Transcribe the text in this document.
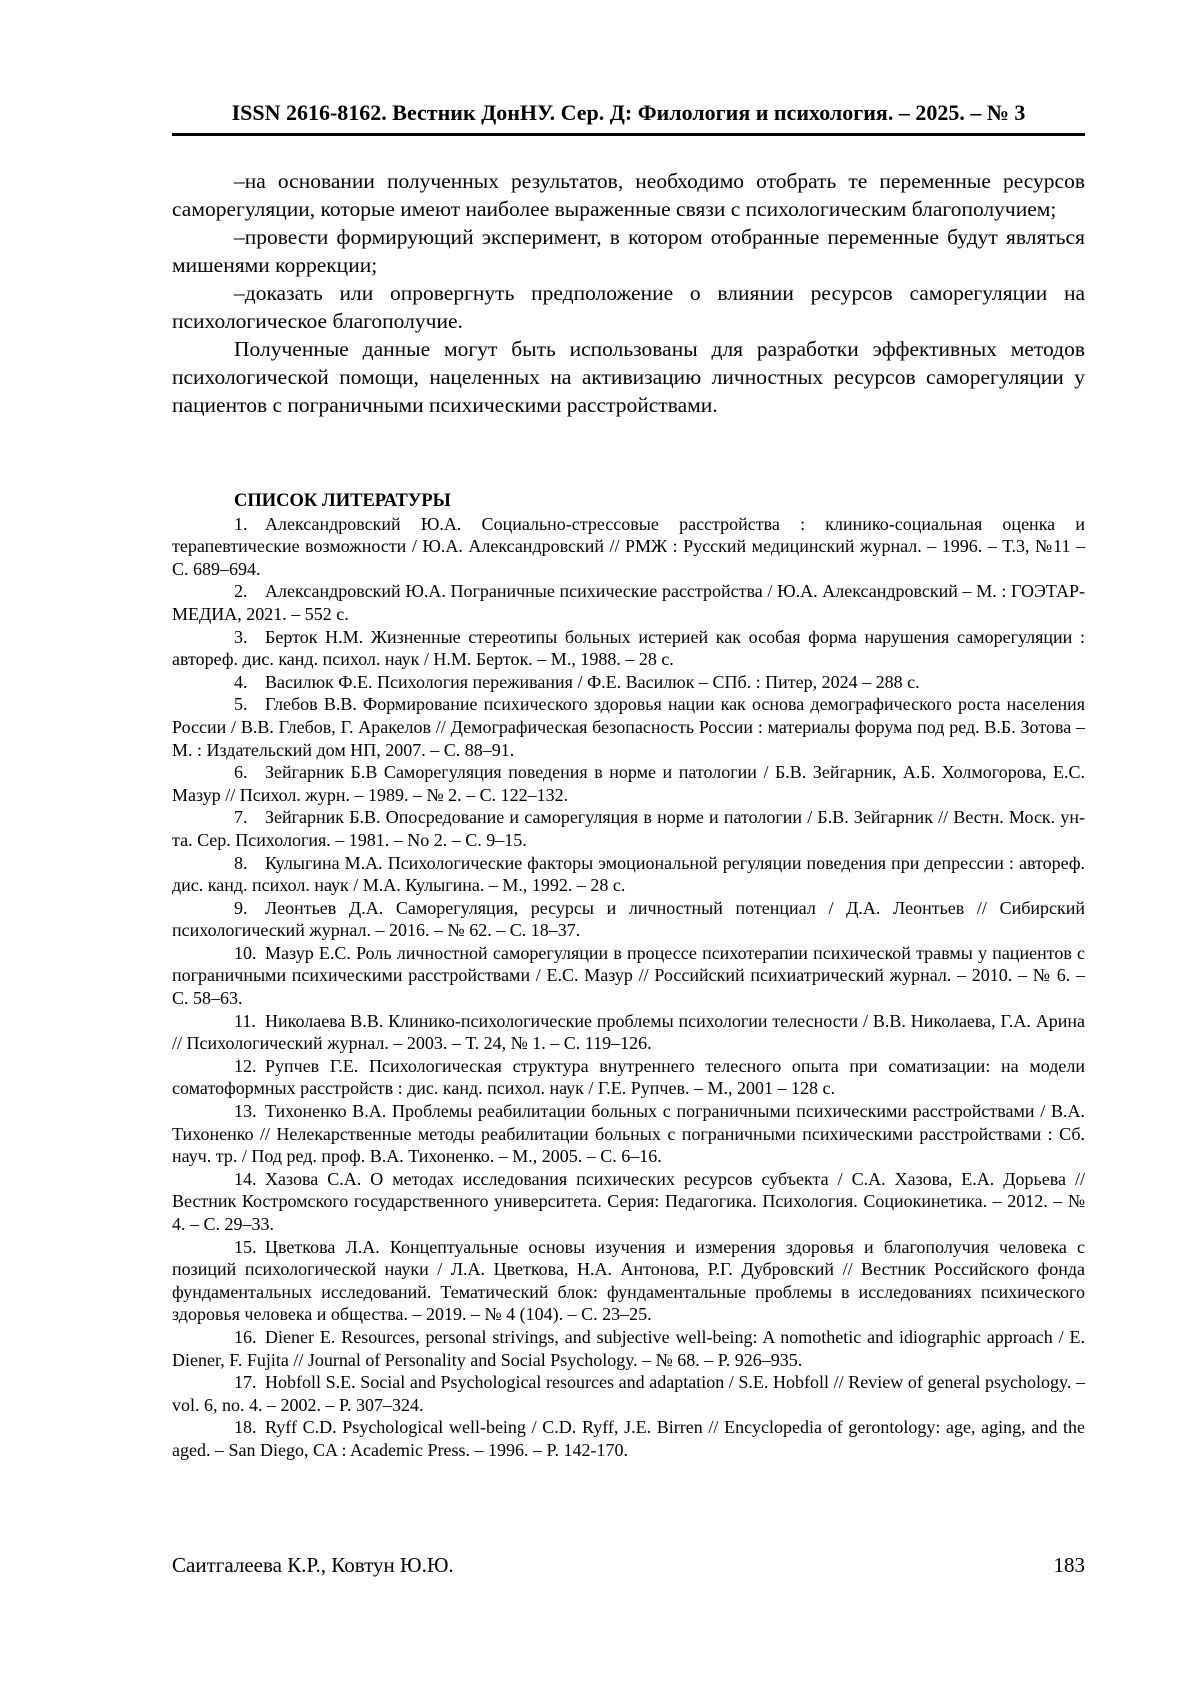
ISSN 2616-8162. Вестник ДонНУ. Сер. Д: Филология и психология. – 2025. – № 3

–на основании полученных результатов, необходимо отобрать те переменные ресурсов саморегуляции, которые имеют наиболее выраженные связи с психологическим благополучием;

–провести формирующий эксперимент, в котором отобранные переменные будут являться мишенями коррекции;

–доказать или опровергнуть предположение о влиянии ресурсов саморегуляции на психологическое благополучие.

Полученные данные могут быть использованы для разработки эффективных методов психологической помощи, нацеленных на активизацию личностных ресурсов саморегуляции у пациентов с пограничными психическими расстройствами.

СПИСОК ЛИТЕРАТУРЫ

1. Александровский Ю.А. Социально-стрессовые расстройства : клинико-социальная оценка и терапевтические возможности / Ю.А. Александровский // РМЖ : Русский медицинский журнал. – 1996. – Т.3, №11 – С. 689–694.

2. Александровский Ю.А. Пограничные психические расстройства / Ю.А. Александровский – М. : ГОЭТАР-МЕДИА, 2021. – 552 с.

3. Берток Н.М. Жизненные стереотипы больных истерией как особая форма нарушения саморегуляции : автореф. дис. канд. психол. наук / Н.М. Берток. – М., 1988. – 28 с.

4. Василюк Ф.Е. Психология переживания / Ф.Е. Василюк – СПб. : Питер, 2024 – 288 с.

5. Глебов В.В. Формирование психического здоровья нации как основа демографического роста населения России / В.В. Глебов, Г. Аракелов // Демографическая безопасность России : материалы форума под ред. В.Б. Зотова – М. : Издательский дом НП, 2007. – С. 88–91.

6. Зейгарник Б.В Саморегуляция поведения в норме и патологии / Б.В. Зейгарник, А.Б. Холмогорова, Е.С. Мазур // Психол. журн. – 1989. – № 2. – С. 122–132.

7. Зейгарник Б.В. Опосредование и саморегуляция в норме и патологии / Б.В. Зейгарник // Вестн. Моск. ун-та. Сер. Психология. – 1981. – No 2. – С. 9–15.

8. Кулыгина М.А. Психологические факторы эмоциональной регуляции поведения при депрессии : автореф. дис. канд. психол. наук / М.А. Кулыгина. – М., 1992. – 28 с.

9. Леонтьев Д.А. Саморегуляция, ресурсы и личностный потенциал / Д.А. Леонтьев // Сибирский психологический журнал. – 2016. – № 62. – С. 18–37.

10. Мазур Е.С. Роль личностной саморегуляции в процессе психотерапии психической травмы у пациентов с пограничными психическими расстройствами / Е.С. Мазур // Российский психиатрический журнал. – 2010. – № 6. – С. 58–63.

11. Николаева В.В. Клинико-психологические проблемы психологии телесности / В.В. Николаева, Г.А. Арина // Психологический журнал. – 2003. – Т. 24, № 1. – С. 119–126.

12. Рупчев Г.Е. Психологическая структура внутреннего телесного опыта при соматизации: на модели соматоформных расстройств : дис. канд. психол. наук / Г.Е. Рупчев. – М., 2001 – 128 с.

13. Тихоненко В.А. Проблемы реабилитации больных с пограничными психическими расстройствами / В.А. Тихоненко // Нелекарственные методы реабилитации больных с пограничными психическими расстройствами : Сб. науч. тр. / Под ред. проф. В.А. Тихоненко. – М., 2005. – С. 6–16.

14. Хазова С.А. О методах исследования психических ресурсов субъекта / С.А. Хазова, Е.А. Дорьева // Вестник Костромского государственного университета. Серия: Педагогика. Психология. Социокинетика. – 2012. – № 4. – С. 29–33.

15. Цветкова Л.А. Концептуальные основы изучения и измерения здоровья и благополучия человека с позиций психологической науки / Л.А. Цветкова, Н.А. Антонова, Р.Г. Дубровский // Вестник Российского фонда фундаментальных исследований. Тематический блок: фундаментальные проблемы в исследованиях психического здоровья человека и общества. – 2019. – № 4 (104). – С. 23–25.

16. Diener E. Resources, personal strivings, and subjective well-being: A nomothetic and idiographic approach / E. Diener, F. Fujita // Journal of Personality and Social Psychology. – № 68. – P. 926–935.

17. Hobfoll S.E. Social and Psychological resources and adaptation / S.E. Hobfoll // Review of general psychology. – vol. 6, no. 4. – 2002. – P. 307–324.

18. Ryff C.D. Psychological well-being / C.D. Ryff, J.E. Birren // Encyclopedia of gerontology: age, aging, and the aged. – San Diego, CA : Academic Press. – 1996. – P. 142-170.

Саитгалеева К.Р., Ковтун Ю.Ю.	183
